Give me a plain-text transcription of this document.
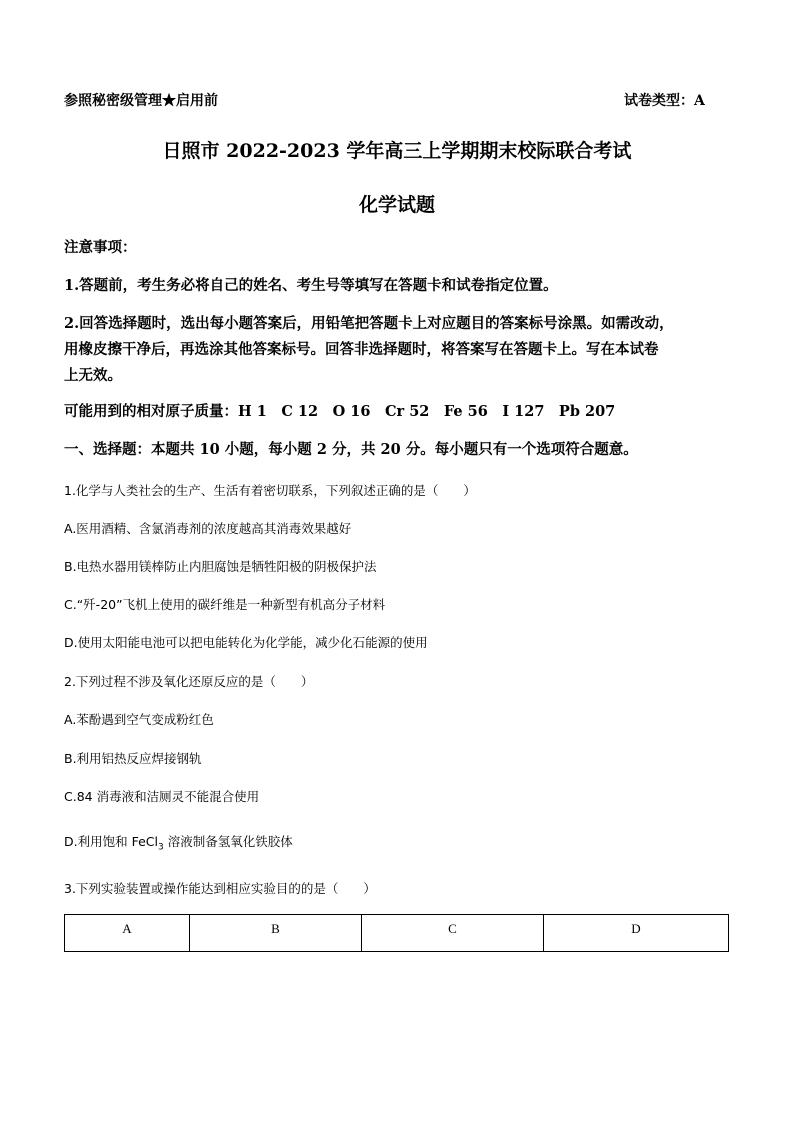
参照秘密级管理★启用前	试卷类型：A
日照市 2022-2023 学年高三上学期期末校际联合考试
化学试题
注意事项：
1.答题前，考生务必将自己的姓名、考生号等填写在答题卡和试卷指定位置。
2.回答选择题时，选出每小题答案后，用铅笔把答题卡上对应题目的答案标号涂黑。如需改动，
用橡皮擦干净后，再选涂其他答案标号。回答非选择题时，将答案写在答题卡上。写在本试卷
上无效。
可能用到的相对原子质量：H 1　C 12　O 16　Cr 52　Fe 56　I 127　Pb 207
一、选择题：本题共 10 小题，每小题 2 分，共 20 分。每小题只有一个选项符合题意。
1.化学与人类社会的生产、生活有着密切联系，下列叙述正确的是（　　）
A.医用酒精、含氯消毒剂的浓度越高其消毒效果越好
B.电热水器用镁棒防止内胆腐蚀是牺牲阳极的阴极保护法
C.“歼-20”飞机上使用的碳纤维是一种新型有机高分子材料
D.使用太阳能电池可以把电能转化为化学能，减少化石能源的使用
2.下列过程不涉及氧化还原反应的是（　　）
A.苯酚遇到空气变成粉红色
B.利用铝热反应焊接钢轨
C.84 消毒液和洁厕灵不能混合使用
D.利用饱和 FeCl$_3$ 溶液制备氢氧化铁胶体
3.下列实验装置或操作能达到相应实验目的的是（　　）
A	B	C	D
